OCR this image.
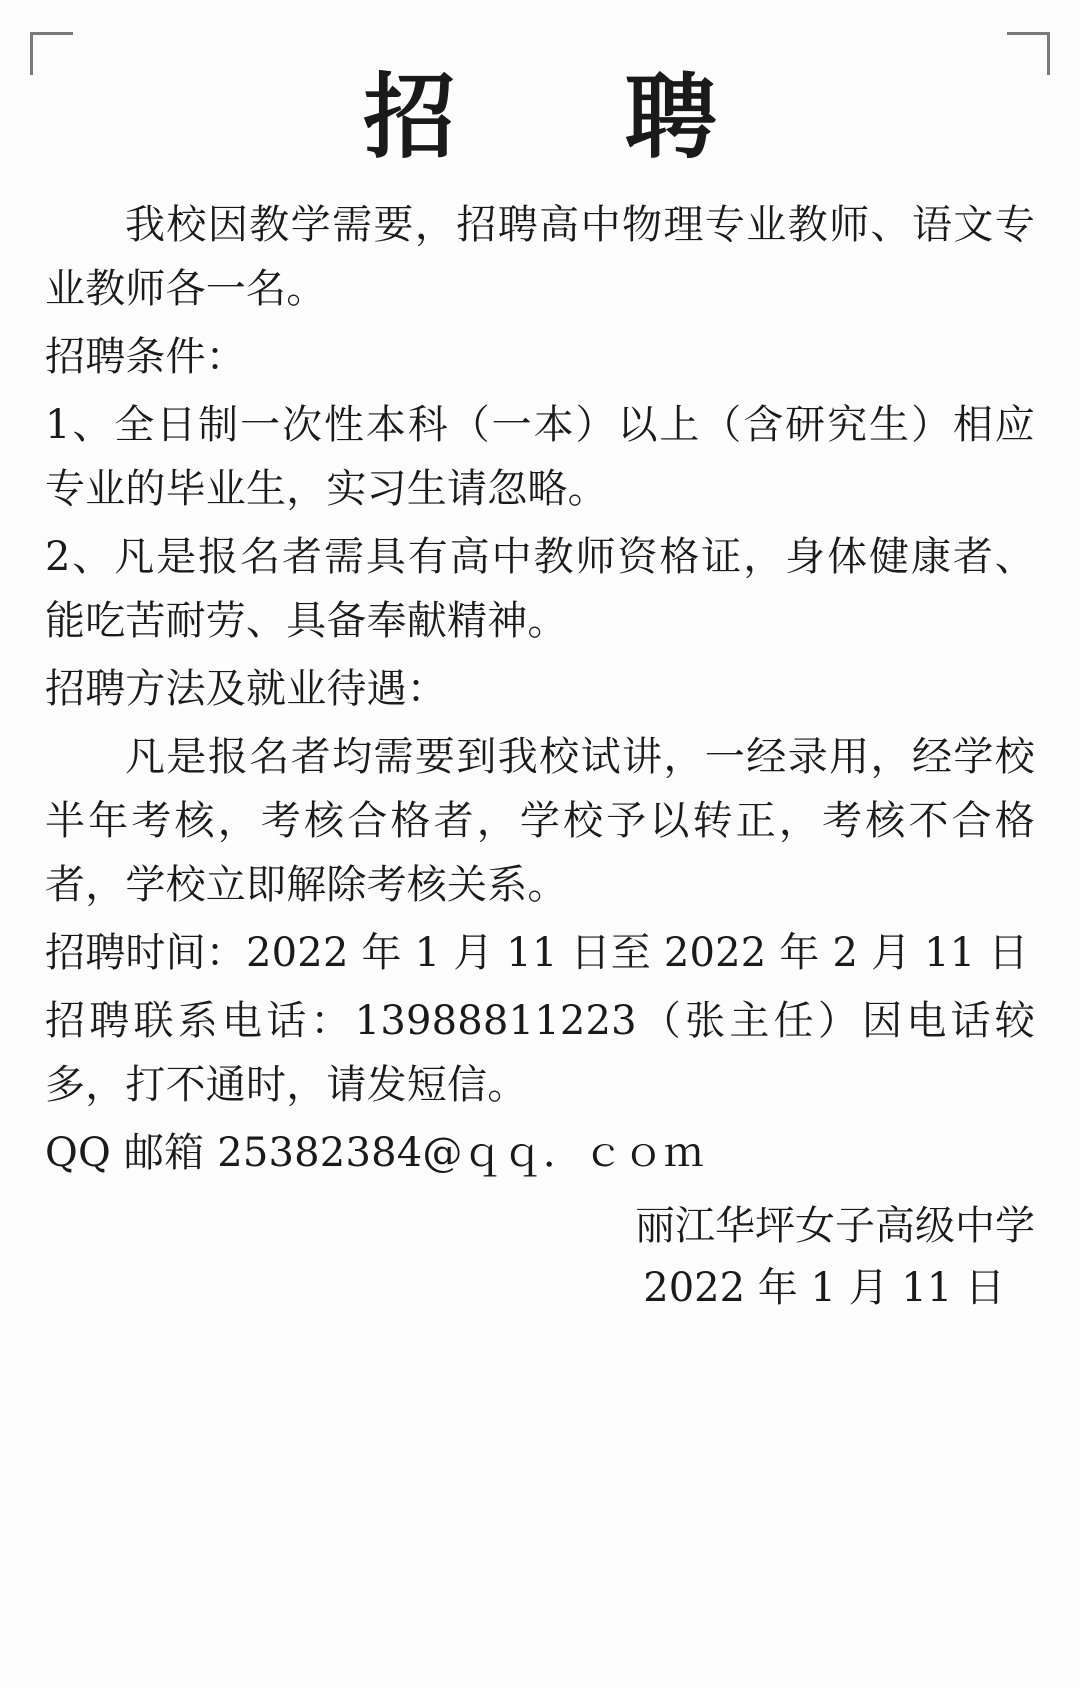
招　聘

我校因教学需要，招聘高中物理专业教师、语文专业教师各一名。

招聘条件：

1、全日制一次性本科（一本）以上（含研究生）相应专业的毕业生，实习生请忽略。

2、凡是报名者需具有高中教师资格证，身体健康者、能吃苦耐劳、具备奉献精神。

招聘方法及就业待遇：

凡是报名者均需要到我校试讲，一经录用，经学校半年考核，考核合格者，学校予以转正，考核不合格者，学校立即解除考核关系。

招聘时间：2022 年 1 月 11 日至 2022 年 2 月 11 日

招聘联系电话：13988811223（张主任）因电话较多，打不通时，请发短信。

QQ 邮箱 25382384@ｑｑ．ｃｏｍ

丽江华坪女子高级中学
2022 年 1 月 11 日
